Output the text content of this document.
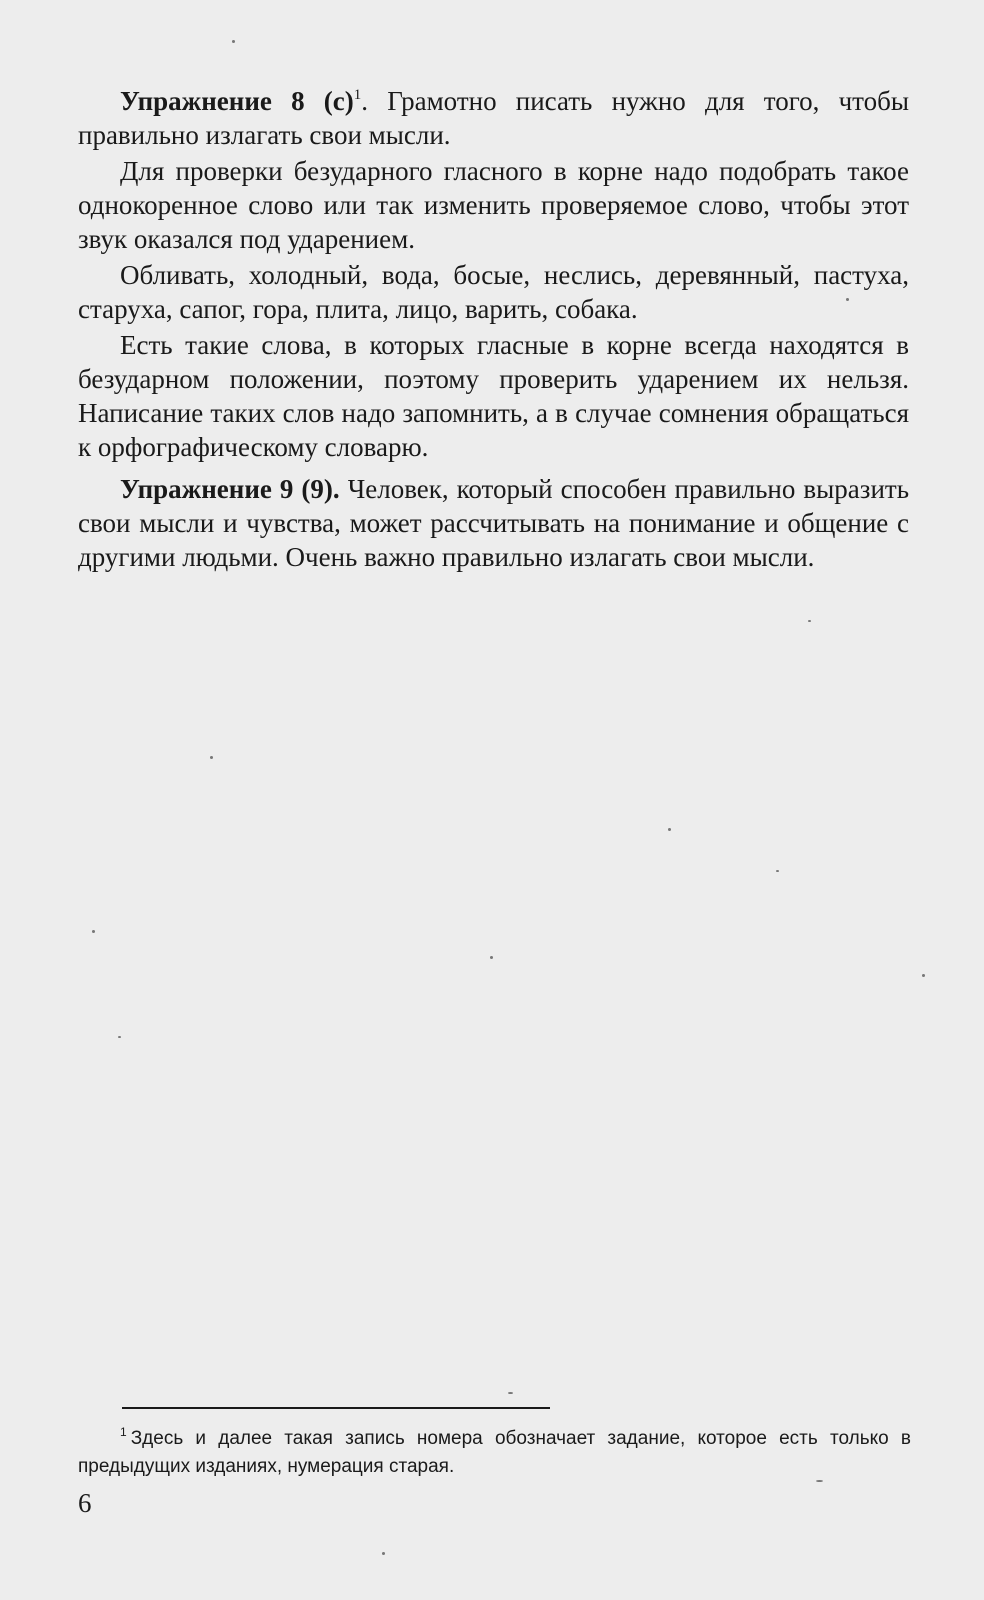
Упражнение 8 $(с)^1$. Грамотно писать нужно для того, чтобы правильно излагать свои мысли.

Для проверки безударного гласного в корне надо подобрать такое однокоренное слово или так изменить проверяемое слово, чтобы этот звук оказался под ударением.

Обливать, холодный, вода, босые, неслись, деревянный, пастуха, старуха, сапог, гора, плита, лицо, варить, собака.

Есть такие слова, в которых гласные в корне всегда находятся в безударном положении, поэтому проверить ударением их нельзя. Написание таких слов надо запомнить, а в случае сомнения обращаться к орфографическому словарю.

Упражнение 9 (9). Человек, который способен правильно выразить свои мысли и чувства, может рассчитывать на понимание и общение с другими людьми. Очень важно правильно излагать свои мысли.

$^1$ Здесь и далее такая запись номера обозначает задание, которое есть только в предыдущих изданиях, нумерация старая.
6
